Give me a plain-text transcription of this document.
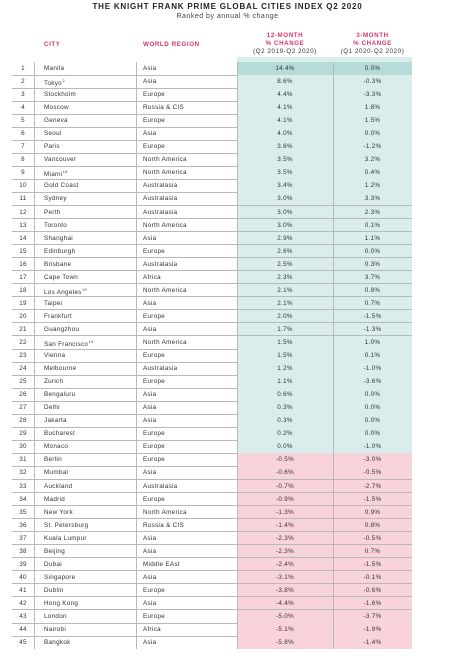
THE KNIGHT FRANK PRIME GLOBAL CITIES INDEX Q2 2020
Ranked by annual % change
CITY	WORLD REGION
12-MONTH
% CHANGE
(Q2 2019-Q2 2020)
3-MONTH
% CHANGE
(Q1 2020-Q2 2020)
1	Manila	Asia	14.4%	0.0%
2	Tokyo$^2$	Asia	8.6%	-0.3%
3	Stockholm	Europe	4.4%	-3.3%
4	Moscow	Russia & CIS	4.1%	1.8%
5	Geneva	Europe	4.1%	1.5%
6	Seoul	Asia	4.0%	0.0%
7	Paris	Europe	3.6%	-1.2%
8	Vancouver	North America	3.5%	3.2%
9	Miami$^{18}$	North America	3.5%	0.4%
10	Gold Coast	Australasia	3.4%	1.2%
11	Sydney	Australasia	3.0%	3.3%
12	Perth	Australasia	3.0%	2.3%
13	Toronto	North America	3.0%	0.1%
14	Shanghai	Asia	2.9%	1.1%
15	Edinburgh	Europe	2.6%	0.0%
16	Brisbane	Australasia	2.5%	0.3%
17	Cape Town	Africa	2.3%	3.7%
18	Los Angeles$^{19}$	North America	2.1%	0.8%
19	Taipei	Asia	2.1%	0.7%
20	Frankfurt	Europe	2.0%	-1.5%
21	Guangzhou	Asia	1.7%	-1.3%
22	San Francisco$^{19}$	North America	1.5%	1.0%
23	Vienna	Europe	1.5%	0.1%
24	Melbourne	Australasia	1.2%	-1.0%
25	Zurich	Europe	1.1%	-3.6%
26	Bengaluru	Asia	0.6%	0.0%
27	Delhi	Asia	0.3%	0.0%
28	Jakarta	Asia	0.3%	0.0%
29	Bucharest	Europe	0.2%	0.0%
30	Monaco	Europe	0.0%	-1.0%
31	Berlin	Europe	-0.5%	-3.0%
32	Mumbai	Asia	-0.6%	-0.5%
33	Auckland	Australasia	-0.7%	-2.7%
34	Madrid	Europe	-0.9%	-1.5%
35	New York	North America	-1.3%	0.9%
36	St. Petersburg	Russia & CIS	-1.4%	0.8%
37	Kuala Lumpur	Asia	-2.3%	-0.5%
38	Beijing	Asia	-2.3%	0.7%
39	Dubai	Middle EAst	-2.4%	-1.5%
40	Singapore	Asia	-3.1%	-0.1%
41	Dublin	Europe	-3.8%	-0.6%
42	Hong Kong	Asia	-4.4%	-1.6%
43	London	Europe	-5.0%	-3.7%
44	Nairobi	Africa	-5.1%	-1.9%
45	Bangkok	Asia	-5.8%	-1.4%
